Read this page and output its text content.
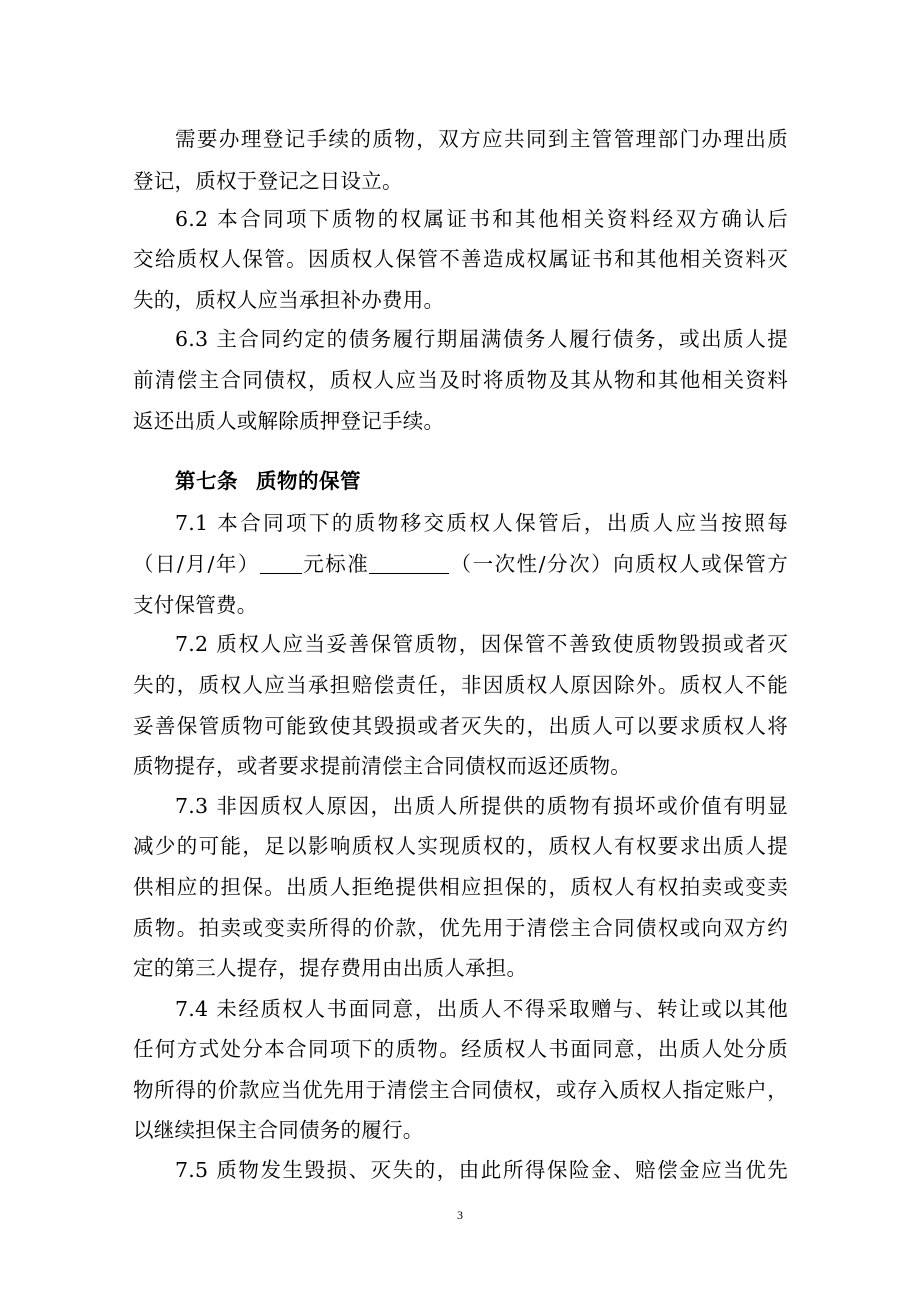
需要办理登记手续的质物，双方应共同到主管管理部门办理出质
登记，质权于登记之日设立。
6.2 本合同项下质物的权属证书和其他相关资料经双方确认后
交给质权人保管。因质权人保管不善造成权属证书和其他相关资料灭
失的，质权人应当承担补办费用。
6.3 主合同约定的债务履行期届满债务人履行债务，或出质人提
前清偿主合同债权，质权人应当及时将质物及其从物和其他相关资料
返还出质人或解除质押登记手续。
第七条 质物的保管
7.1 本合同项下的质物移交质权人保管后，出质人应当按照每
（日/月/年） 元标准	（一次性/分次）向质权人或保管方
支付保管费。
7.2 质权人应当妥善保管质物，因保管不善致使质物毁损或者灭
失的，质权人应当承担赔偿责任，非因质权人原因除外。质权人不能
妥善保管质物可能致使其毁损或者灭失的，出质人可以要求质权人将
质物提存，或者要求提前清偿主合同债权而返还质物。
7.3 非因质权人原因，出质人所提供的质物有损坏或价值有明显
减少的可能，足以影响质权人实现质权的，质权人有权要求出质人提
供相应的担保。出质人拒绝提供相应担保的，质权人有权拍卖或变卖
质物。拍卖或变卖所得的价款，优先用于清偿主合同债权或向双方约
定的第三人提存，提存费用由出质人承担。
7.4 未经质权人书面同意，出质人不得采取赠与、转让或以其他
任何方式处分本合同项下的质物。经质权人书面同意，出质人处分质
物所得的价款应当优先用于清偿主合同债权，或存入质权人指定账户，
以继续担保主合同债务的履行。
7.5 质物发生毁损、灭失的，由此所得保险金、赔偿金应当优先
3
